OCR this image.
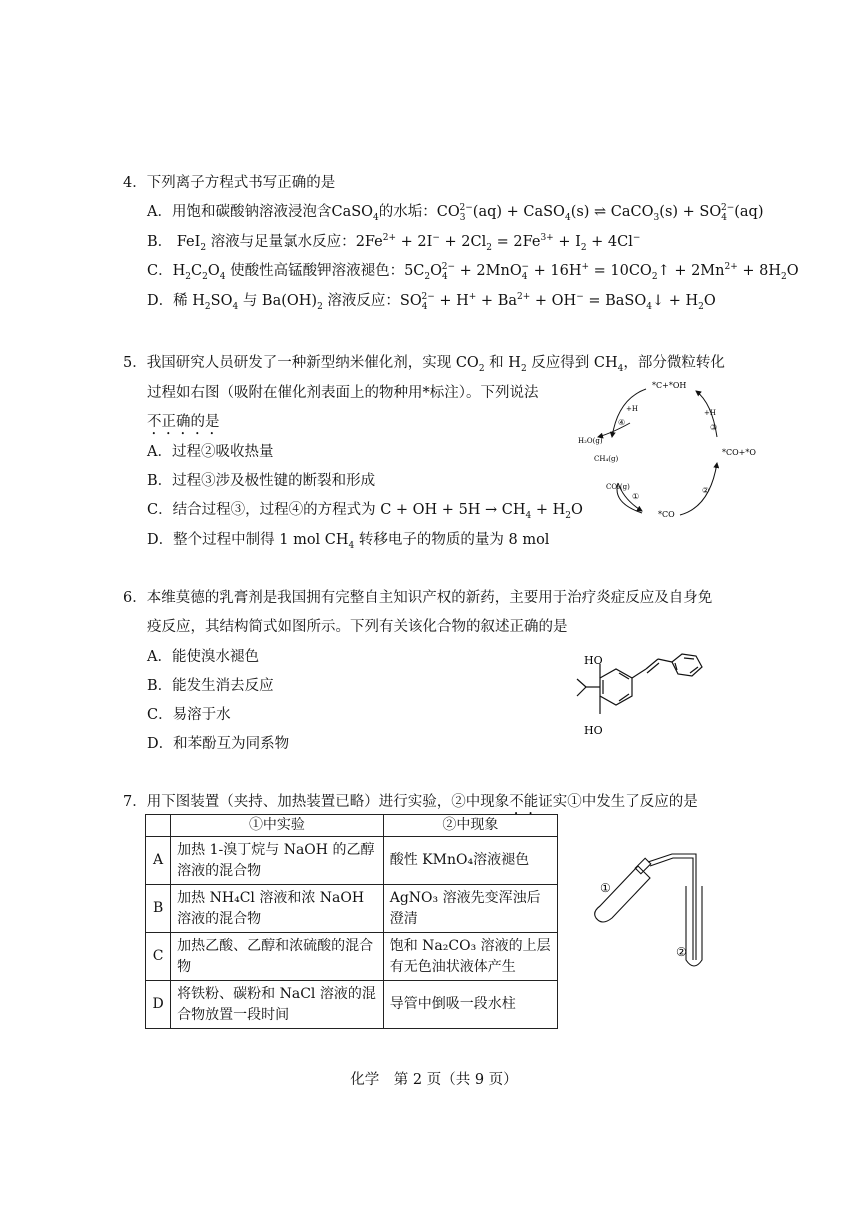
4．下列离子方程式书写正确的是
A．用饱和碳酸钠溶液浸泡含CaSO$_4$的水垢：$CO_3^{2-}(aq)$ + CaSO$_4$(s) ⇌ CaCO$_3$(s) + $SO_4^{2-}(aq)$
B． FeI$_2$ 溶液与足量氯水反应：$2Fe^{2+} + 2I^- + 2Cl_2 = 2Fe^{3+} + I_2 + 4Cl^-$
C．$H_2C_2O_4$ 使酸性高锰酸钾溶液褪色：$5C_2O_4^{2-} + 2MnO_4^- + 16H^+$ = $10CO_2↑ + 2Mn^{2+} + 8H_2O$
D．稀 $H_2SO_4$ 与 $Ba(OH)_2$ 溶液反应：$SO_4^{2-} + H^+ + Ba^{2+} + OH^-$ = BaSO$_4$↓ + $H_2O$
5．我国研究人员研发了一种新型纳米催化剂，实现 $CO_2$ 和 $H_2$ 反应得到 $CH_4$，部分微粒转化
过程如右图（吸附在催化剂表面上的物种用*标注）。下列说法
不正确的是
A．过程②吸收热量
B．过程③涉及极性键的断裂和形成
C．结合过程③，过程④的方程式为 C + OH + $5H \to CH_4 + H_2O$
D．整个过程中制得 1 mol $CH_4$ 转移电子的物质的量为 8 mol
*C+*OH
*CO+*O
*CO
H₂O(g)
CH₄(g)
CO₂(g)
+H	+H
④
③
②
①
6．本维莫德的乳膏剂是我国拥有完整自主知识产权的新药，主要用于治疗炎症反应及自身免
疫反应，其结构简式如图所示。下列有关该化合物的叙述正确的是
A．能使溴水褪色
B．能发生消去反应
C．易溶于水
D．和苯酚互为同系物
HO
HO
7．用下图装置（夹持、加热装置已略）进行实验，②中现象不能证实①中发生了反应的是
	①中实验	②中现象
A	加热 1-溴丁烷与 NaOH 的乙醇溶液的混合物	酸性 KMnO₄溶液褪色
B	加热 NH₄Cl 溶液和浓 NaOH 溶液的混合物	AgNO₃ 溶液先变浑浊后澄清
C	加热乙酸、乙醇和浓硫酸的混合物	饱和 Na₂CO₃ 溶液的上层有无色油状液体产生
D	将铁粉、碳粉和 NaCl 溶液的混合物放置一段时间	导管中倒吸一段水柱
①
②
化学　第 2 页（共 9 页）
